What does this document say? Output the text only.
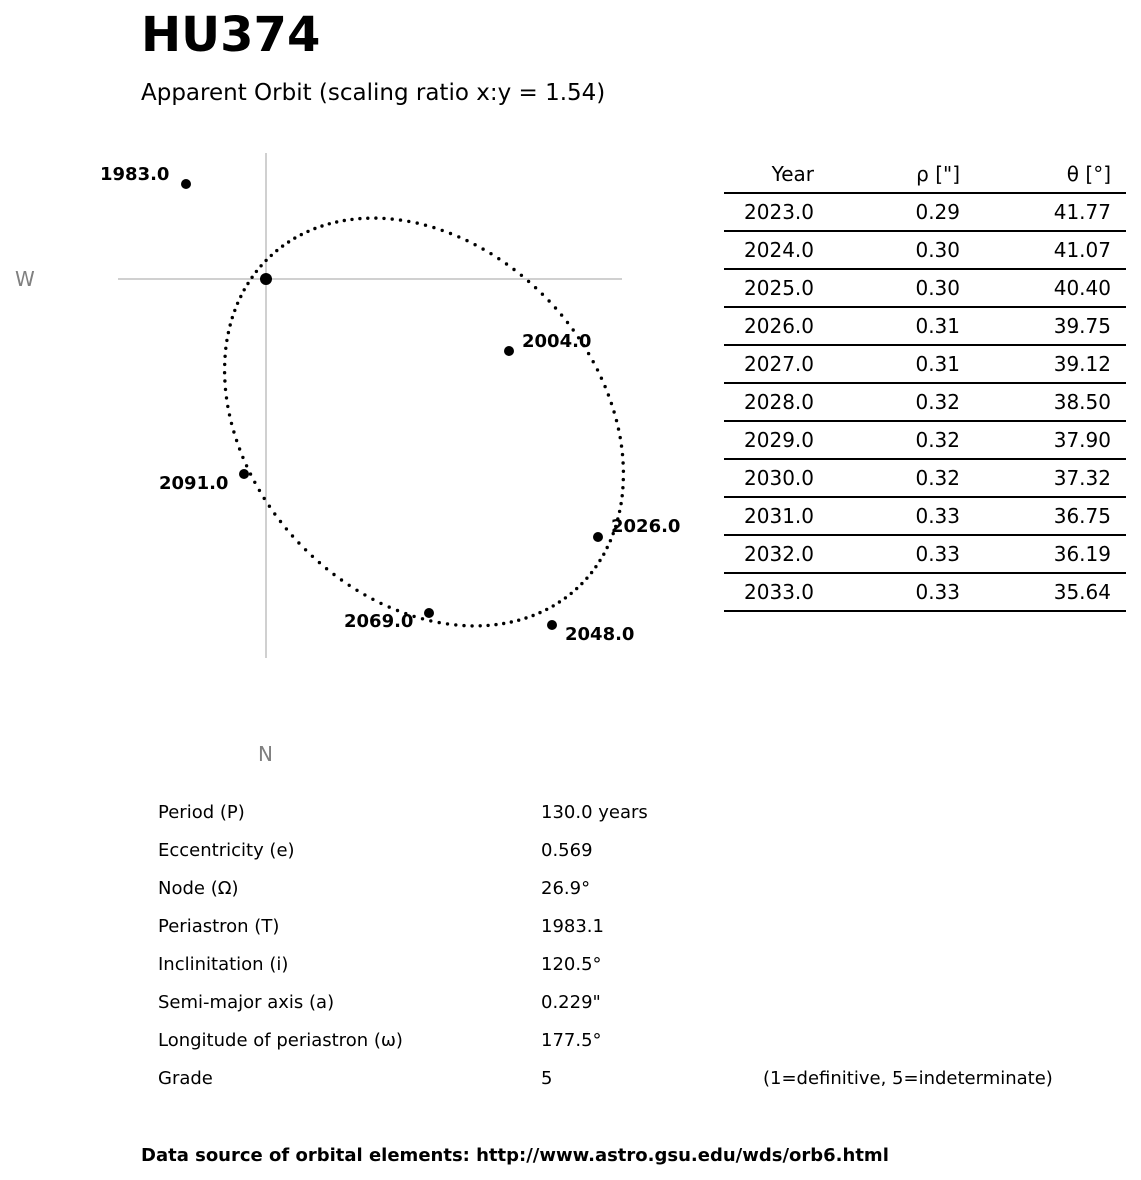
HU374
Apparent Orbit (scaling ratio x:y = 1.54)
1983.0
2004.0
2026.0
2048.0
2069.0
2091.0
W
N
Year	ρ ["]	θ [°]
2023.0	0.29	41.77
2024.0	0.30	41.07
2025.0	0.30	40.40
2026.0	0.31	39.75
2027.0	0.31	39.12
2028.0	0.32	38.50
2029.0	0.32	37.90
2030.0	0.32	37.32
2031.0	0.33	36.75
2032.0	0.33	36.19
2033.0	0.33	35.64
Period (P)	130.0 years
Eccentricity (e)	0.569
Node (Ω)	26.9°
Periastron (T)	1983.1
Inclinitation (i)	120.5°
Semi-major axis (a)	0.229"
Longitude of periastron (ω)	177.5°
Grade	5	(1=definitive, 5=indeterminate)
Data source of orbital elements: http://www.astro.gsu.edu/wds/orb6.html
